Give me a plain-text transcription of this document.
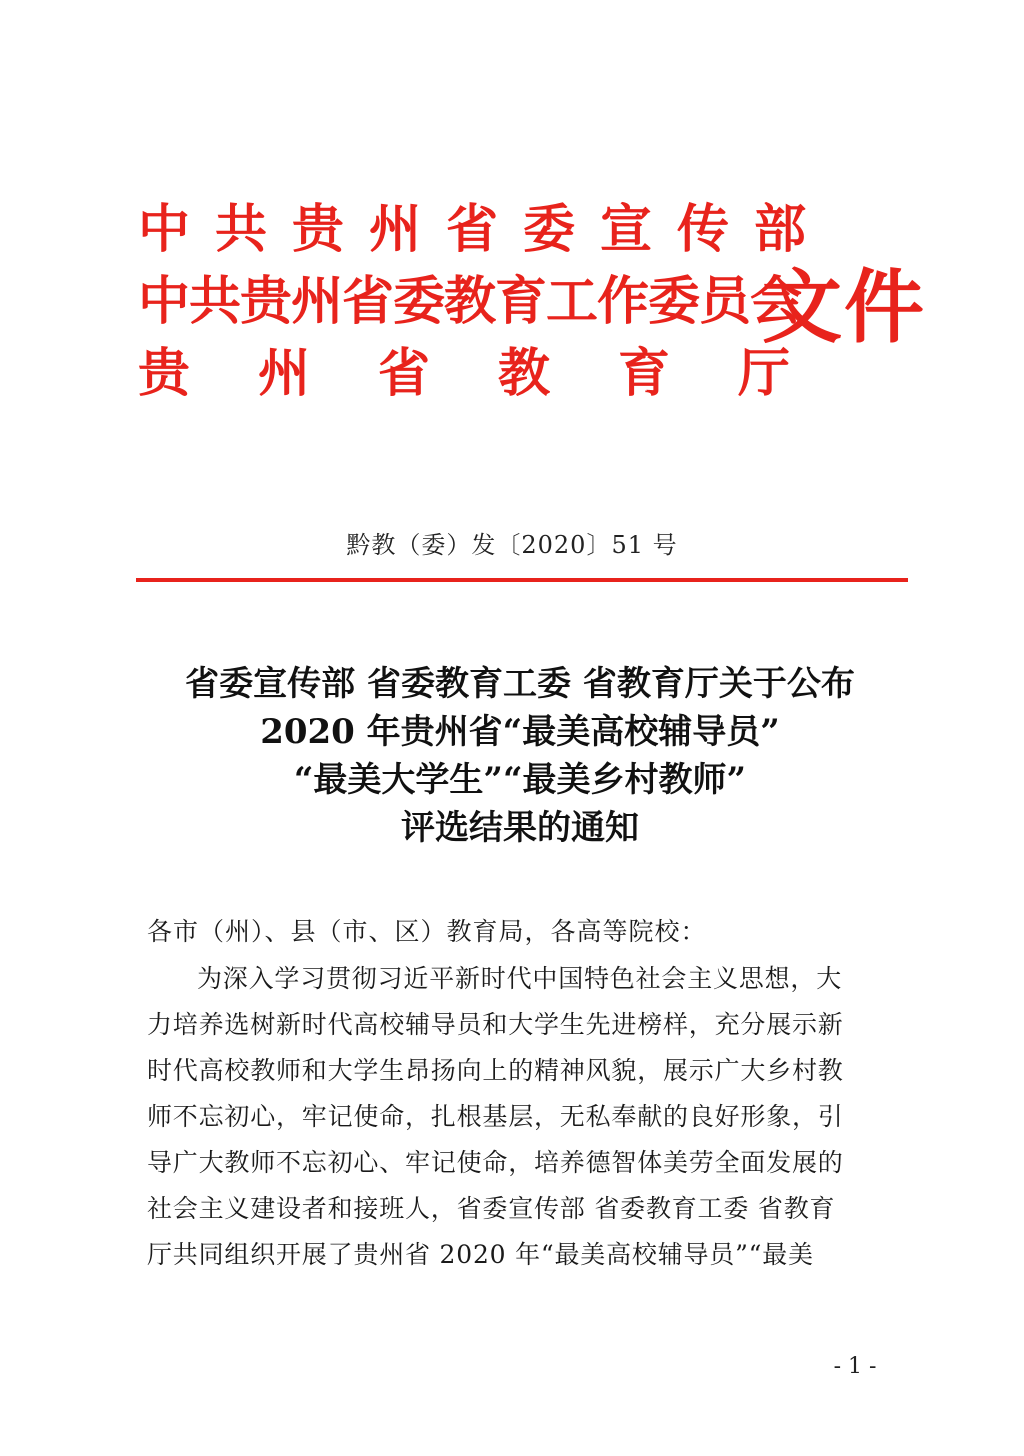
中共贵州省委宣传部
中共贵州省委教育工作委员会
贵州省教育厅
文件
黔教（委）发〔2020〕51 号
省委宣传部 省委教育工委 省教育厅关于公布
2020 年贵州省“最美高校辅导员”
“最美大学生”“最美乡村教师”
评选结果的通知
各市（州）、县（市、区）教育局，各高等院校：
为深入学习贯彻习近平新时代中国特色社会主义思想，大
力培养选树新时代高校辅导员和大学生先进榜样，充分展示新
时代高校教师和大学生昂扬向上的精神风貌，展示广大乡村教
师不忘初心，牢记使命，扎根基层，无私奉献的良好形象，引
导广大教师不忘初心、牢记使命，培养德智体美劳全面发展的
社会主义建设者和接班人，省委宣传部 省委教育工委 省教育
厅共同组织开展了贵州省 2020 年“最美高校辅导员”“最美
- 1 -
